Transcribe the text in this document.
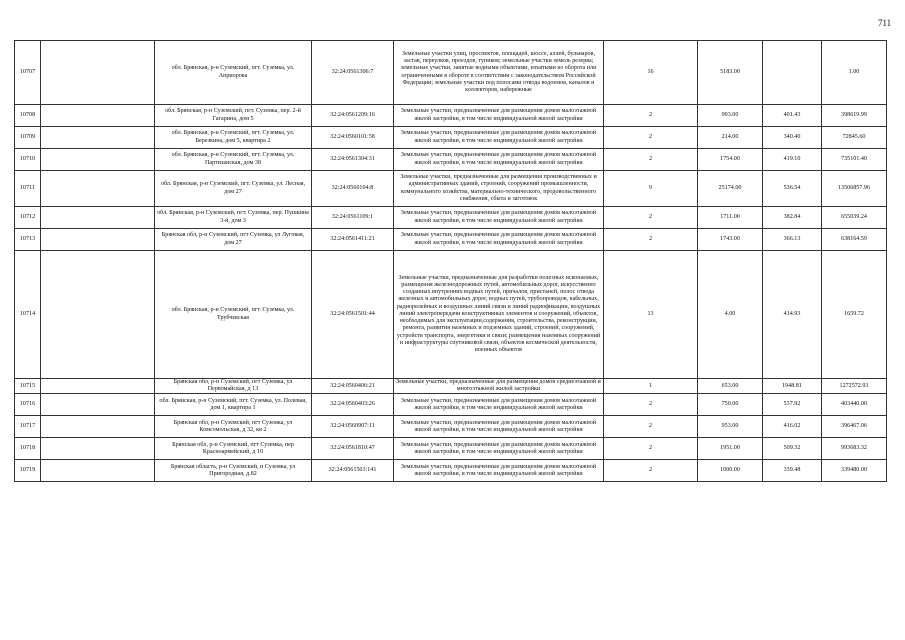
711
10707		обл. Брянская, р-н Суземский, пгт. Суземка, ул. Априорова	32:24:0561306:7	Земельные участки улиц, проспектов, площадей, шоссе, аллей, бульваров, застав, переулков, проездов, тупиков; земельные участки земель резерва; земельные участки, занятые водными объектами, изъятыми из оборота или ограниченными в обороте в соответствии с законодательством Российской Федерации; земельные участки под полосами отвода водоемов, каналов и коллекторов, набережные	16	5183.00		1.00
10708		обл. Брянская, р-н Суземский, пгт. Суземка, пер. 2-й Гагарина, дом 5	32:24:0561209:16	Земельные участки, предназначенные для размещения домов малоэтажной жилой застройки, в том числе индивидуальной жилой застройки	2	993.00	401.43	398619.99
10709		обл. Брянская, р-н Суземский, пгт. Суземка, ул. Березкина, дом 5, квартира 2	32:24:0560101:58	Земельные участки, предназначенные для размещения домов малоэтажной жилой застройки, в том числе индивидуальной жилой застройки	2	214.00	340.40	72845.60
10710		обл. Брянская, р-н Суземский, пгт. Суземка, ул. Партизанская, дом 38	32:24:0561304:31	Земельные участки, предназначенные для размещения домов малоэтажной жилой застройки, в том числе индивидуальной жилой застройки	2	1754.00	419.10	735101.40
10711		обл. Брянская, р-н Суземский, пгт. Суземка, ул. Лесная, дом 27	32:24:0560104:8	Земельные участки, предназначенные для размещения производственных и административных зданий, строений, сооружений промышленности, коммунального хозяйства, материально-технического, продовольственного снабжения, сбыта и заготовок	9	25174.00	536.54	13506857.96
10712		обл. Брянская, р-н Суземский, пгт. Суземка, пер. Пушкина 3-й, дом 3	32:24:0561109:1	Земельные участки, предназначенные для размещения домов малоэтажной жилой застройки, в том числе индивидуальной жилой застройки	2	1711.00	382.84	655039.24
10713		Брянская обл, р-н Суземский, пгт Суземка, ул Луговая, дом 27	32:24:0561411:21	Земельные участки, предназначенные для размещения домов малоэтажной жилой застройки, в том числе индивидуальной жилой застройки	2	1743.00	366.13	638164.59
10714		обл. Брянская, р-н Суземский, пгт. Суземка, ул. Трубчевская	32:24:0561501:44	Земельные участки, предназначенные для разработки полезных ископаемых, размещения железнодорожных путей, автомобильных дорог, искусственно созданных внутренних водных путей, причалов, пристаней, полос отвода железных и автомобильных дорог, водных путей, трубопроводов, кабельных, радиорелейных и воздушных линий связи и линий радиофикации, воздушных линий электропередачи конструктивных элементов и сооружений, объектов, необходимых для эксплуатации,содержания, строительства, реконструкции, ремонта, развития наземных и подземных зданий, строений, сооружений, устройств транспорта, энергетики и связи; размещения наземных сооружений и инфраструктуры спутниковой связи, объектов космической деятельности, военных объектов	13	4.00	414.93	1659.72
10715		Брянская обл, р-н Суземский, пгт Суземка, ул Первомайская, д 13	32:24:0560406:21	Земельные участки, предназначенные для размещения домов среднеэтажной и многоэтажной жилой застройки	1	653.00	1948.81	1272572.93
10716		обл. Брянская, р-н Суземский, пгт. Суземка, ул. Полевая, дом 1, квартира 1	32:24:0560403:26	Земельные участки, предназначенные для размещения домов малоэтажной жилой застройки, в том числе индивидуальной жилой застройки	2	750.00	537.92	403440.00
10717		Брянская обл, р-н Суземский, пгт Суземка, ул Комсомольская, д 32, кв 2	32:24:0560907:11	Земельные участки, предназначенные для размещения домов малоэтажной жилой застройки, в том числе индивидуальной жилой застройки	2	953.00	416.02	396467.06
10718		Брянская обл, р-н Суземский, пгт Суземка, пер Красноармейский, д 10	32:24:0561810:47	Земельные участки, предназначенные для размещения домов малоэтажной жилой застройки, в том числе индивидуальной жилой застройки	2	1951.00	509.32	993683.32
10719		Брянская область, р-н Суземский, п Суземка, ул Пригородная, д.82	32:24:0561503:141	Земельные участки, предназначенные для размещения домов малоэтажной жилой застройки, в том числе индивидуальной жилой застройки	2	1000.00	339.48	339480.00
